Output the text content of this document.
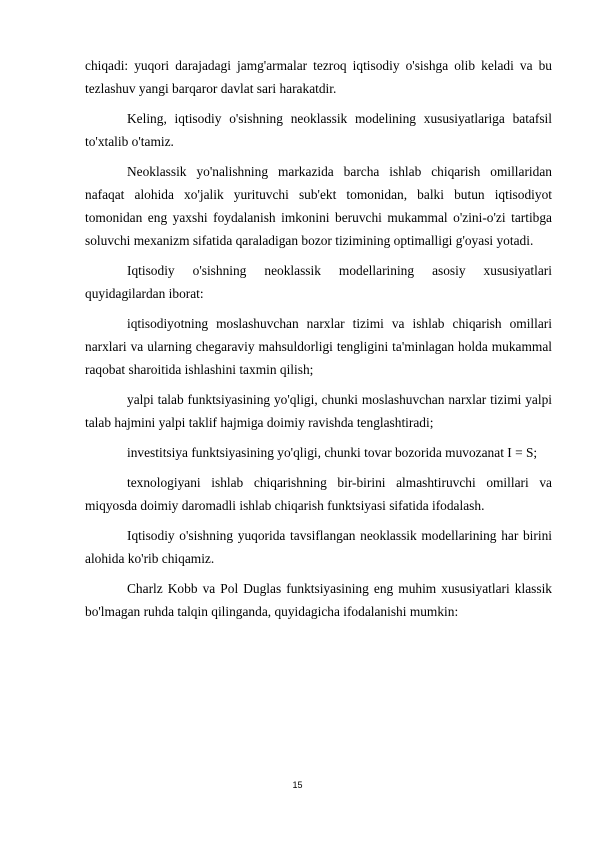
chiqadi: yuqori darajadagi jamg'armalar tezroq iqtisodiy o'sishga olib keladi va bu tezlashuv yangi barqaror davlat sari harakatdir.

Keling, iqtisodiy o'sishning neoklassik modelining xususiyatlariga batafsil to'xtalib o'tamiz.

Neoklassik yo'nalishning markazida barcha ishlab chiqarish omillaridan nafaqat alohida xo'jalik yurituvchi sub'ekt tomonidan, balki butun iqtisodiyot tomonidan eng yaxshi foydalanish imkonini beruvchi mukammal o'zini-o'zi tartibga soluvchi mexanizm sifatida qaraladigan bozor tizimining optimalligi g'oyasi yotadi.

Iqtisodiy o'sishning neoklassik modellarining asosiy xususiyatlari quyidagilardan iborat:

iqtisodiyotning moslashuvchan narxlar tizimi va ishlab chiqarish omillari narxlari va ularning chegaraviy mahsuldorligi tengligini ta'minlagan holda mukammal raqobat sharoitida ishlashini taxmin qilish;

yalpi talab funktsiyasining yo'qligi, chunki moslashuvchan narxlar tizimi yalpi talab hajmini yalpi taklif hajmiga doimiy ravishda tenglashtiradi;

investitsiya funktsiyasining yo'qligi, chunki tovar bozorida muvozanat I = S;

texnologiyani ishlab chiqarishning bir-birini almashtiruvchi omillari va miqyosda doimiy daromadli ishlab chiqarish funktsiyasi sifatida ifodalash.

Iqtisodiy o'sishning yuqorida tavsiflangan neoklassik modellarining har birini alohida ko'rib chiqamiz.

Charlz Kobb va Pol Duglas funktsiyasining eng muhim xususiyatlari klassik bo'lmagan ruhda talqin qilinganda, quyidagicha ifodalanishi mumkin:

15
